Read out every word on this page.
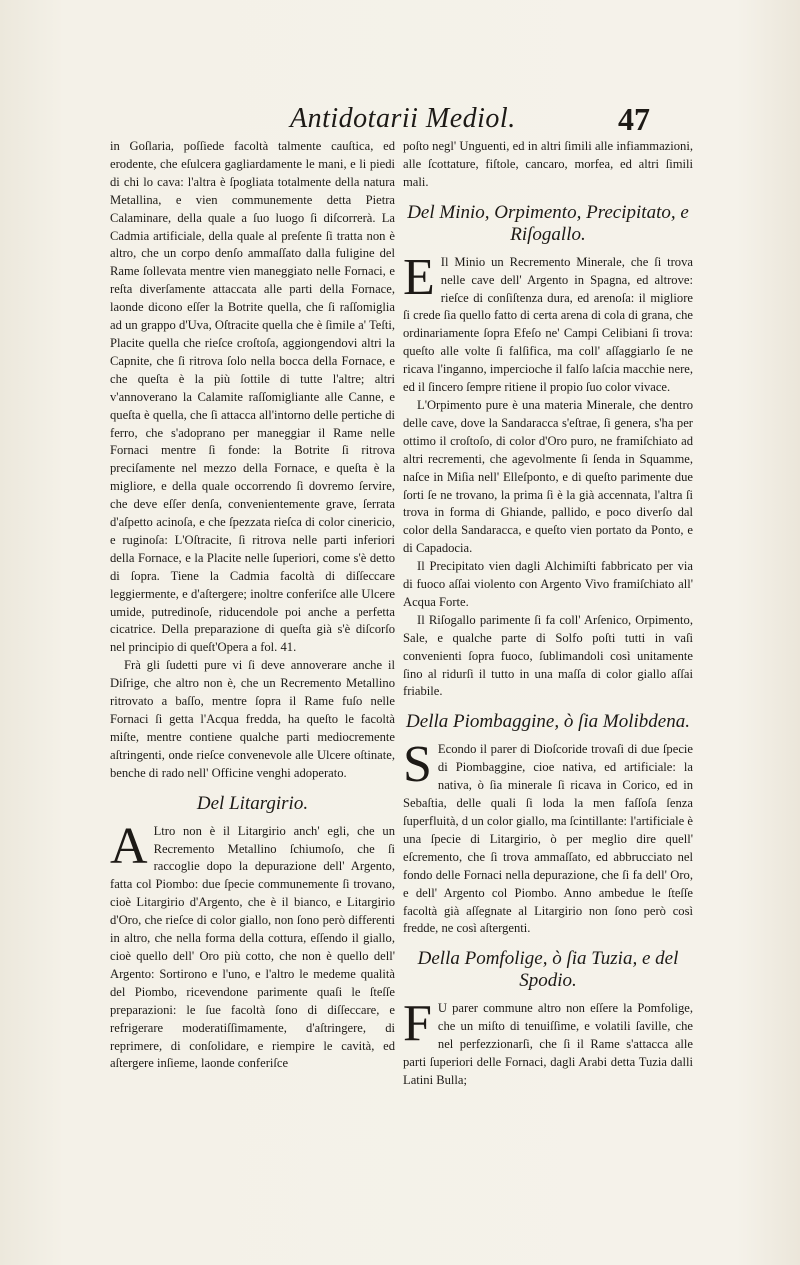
Antidotarii Mediol.	47

in Goſlaria, poſſiede facoltà talmente cauſtica, ed erodente, che eſulcera gagliardamente le mani, e li piedi di chi lo cava: l'altra è ſpogliata totalmente della natura Metallina, e vien communemente detta Pietra Calaminare, della quale a ſuo luogo ſi diſcorrerà. La Cadmia artificiale, della quale al preſente ſi tratta non è altro, che un corpo denſo ammaſſato dalla fuligine del Rame ſollevata mentre vien maneggiato nelle Fornaci, e reſta diverſamente attaccata alle parti della Fornace, laonde dicono eſſer la Botrite quella, che ſi raſſomiglia ad un grappo d'Uva, Oſtracite quella che è ſimile a' Teſti, Placite quella che rieſce croſtoſa, aggiongendovi altri la Capnite, che ſi ritrova ſolo nella bocca della Fornace, e che queſta è la più ſottile di tutte l'altre; altri v'annoverano la Calamite raſſomigliante alle Canne, e queſta è quella, che ſi attacca all'intorno delle pertiche di ferro, che s'adoprano per maneggiar il Rame nelle Fornaci mentre ſi fonde: la Botrite ſi ritrova preciſamente nel mezzo della Fornace, e queſta è la migliore, e della quale occorrendo ſi dovremo ſervire, che deve eſſer denſa, convenientemente grave, ſerrata d'aſpetto acinoſa, e che ſpezzata rieſca di color cinericio, e ruginoſa: L'Oſtracite, ſi ritrova nelle parti inferiori della Fornace, e la Placite nelle ſuperiori, come s'è detto di ſopra. Tiene la Cadmia facoltà di diſſeccare leggiermente, e d'aſtergere; inoltre conferiſce alle Ulcere umide, putredinoſe, riducendole poi anche a perfetta cicatrice. Della preparazione di queſta già s'è diſcorſo nel principio di queſt'Opera a fol. 41.

Frà gli ſudetti pure vi ſi deve annoverare anche il Diſrige, che altro non è, che un Recremento Metallino ritrovato a baſſo, mentre ſopra il Rame fuſo nelle Fornaci ſi getta l'Acqua fredda, ha queſto le facoltà miſte, mentre contiene qualche parti mediocremente aſtringenti, onde rieſce convenevole alle Ulcere oſtinate, benche di rado nell' Officine venghi adoperato.

Del Litargirio.

A Ltro non è il Litargirio anch' egli, che un Recremento Metallino ſchiumoſo, che ſi raccoglie dopo la depurazione dell' Argento, fatta col Piombo: due ſpecie communemente ſi trovano, cioè Litargirio d'Argento, che è il bianco, e Litargirio d'Oro, che rieſce di color giallo, non ſono però differenti in altro, che nella forma della cottura, eſſendo il giallo, cioè quello dell' Oro più cotto, che non è quello dell' Argento: Sortirono e l'uno, e l'altro le medeme qualità del Piombo, ricevendone parimente quaſi le ſteſſe preparazioni: le ſue facoltà ſono di diſſeccare, e refrigerare moderatiſſimamente, d'aſtringere, di reprimere, di conſolidare, e riempire le cavità, ed aſtergere inſieme, laonde conferiſce

poſto negl' Unguenti, ed in altri ſimili alle infiammazioni, alle ſcottature, fiſtole, cancaro, morfea, ed altri ſimili mali.

Del Minio, Orpimento, Precipitato, e Riſogallo.

E Il Minio un Recremento Minerale, che ſi trova nelle cave dell' Argento in Spagna, ed altrove: rieſce di conſiſtenza dura, ed arenoſa: il migliore ſi crede ſia quello fatto di certa arena di cola di grana, che ordinariamente ſopra Efeſo ne' Campi Celibiani ſi trova: queſto alle volte ſi falſifica, ma coll' aſſaggiarlo ſe ne ricava l'inganno, impercioche il falſo laſcia macchie nere, ed il ſincero ſempre ritiene il propio ſuo color vivace.

L'Orpimento pure è una materia Minerale, che dentro delle cave, dove la Sandaracca s'eſtrae, ſi genera, s'ha per ottimo il croſtoſo, di color d'Oro puro, ne framiſchiato ad altri recrementi, che agevolmente ſi ſenda in Squamme, naſce in Miſia nell' Elleſponto, e di queſto parimente due ſorti ſe ne trovano, la prima ſi è la già accennata, l'altra ſi trova in forma di Ghiande, pallido, e poco diverſo dal color della Sandaracca, e queſto vien portato da Ponto, e di Capadocia.

Il Precipitato vien dagli Alchimiſti fabbricato per via di fuoco aſſai violento con Argento Vivo framiſchiato all' Acqua Forte.

Il Riſogallo parimente ſi fa coll' Arſenico, Orpimento, Sale, e qualche parte di Solfo poſti tutti in vaſi convenienti ſopra fuoco, ſublimandoli così unitamente ſino al ridurſi il tutto in una maſſa di color giallo aſſai friabile.

Della Piombaggine, ò ſia Molibdena.

S Econdo il parer di Dioſcoride trovaſi di due ſpecie di Piombaggine, cioe nativa, ed artificiale: la nativa, ò ſia minerale ſi ricava in Corico, ed in Sebaſtia, delle quali ſi loda la men faſſoſa ſenza ſuperfluità, d un color giallo, ma ſcintillante: l'artificiale è una ſpecie di Litargirio, ò per meglio dire quell' eſcremento, che ſi trova ammaſſato, ed abbrucciato nel fondo delle Fornaci nella depurazione, che ſi fa dell' Oro, e dell' Argento col Piombo. Anno ambedue le ſteſſe facoltà già aſſegnate al Litargirio non ſono però così fredde, ne così aſtergenti.

Della Pomfolige, ò ſia Tuzia, e del Spodio.

F U parer commune altro non eſſere la Pomfolige, che un miſto di tenuiſſime, e volatili ſaville, che nel perfezzionarſi, che ſi il Rame s'attacca alle parti ſuperiori delle Fornaci, dagli Arabi detta Tuzia dalli Latini Bulla;
